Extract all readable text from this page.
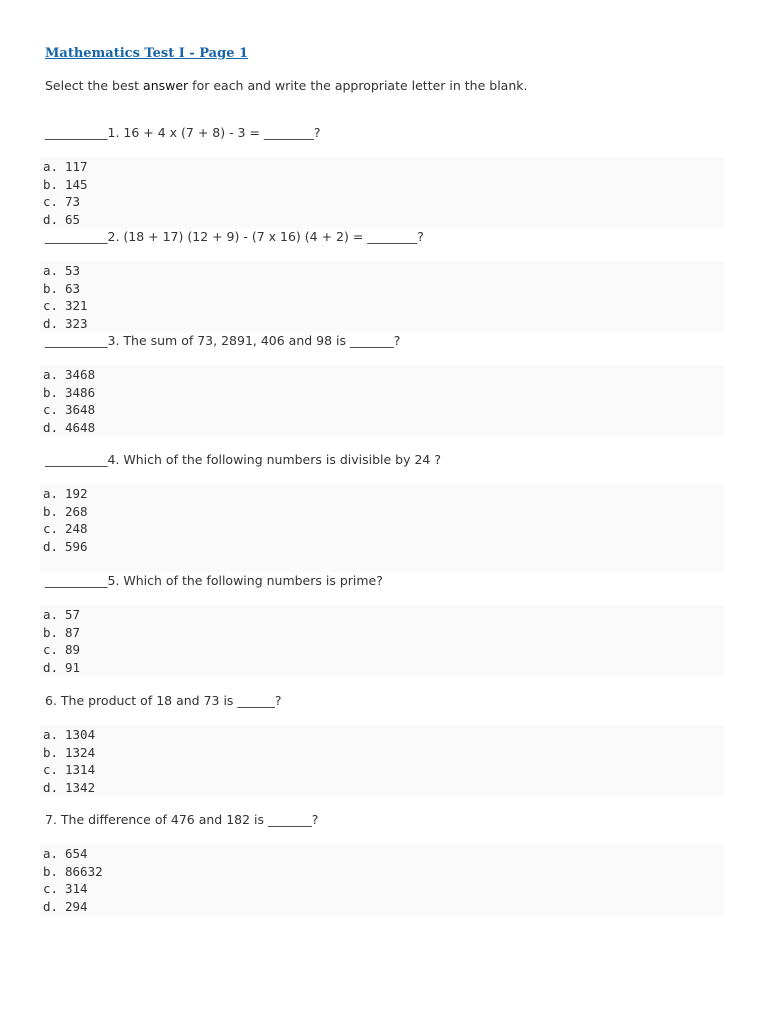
Mathematics Test I - Page 1
Select the best answer for each and write the appropriate letter in the blank.
__________1. 16 + 4 x (7 + 8) - 3 = ________?
a. 117
b. 145
c. 73
d. 65
__________2. (18 + 17) (12 + 9) - (7 x 16) (4 + 2) = ________?
a. 53
b. 63
c. 321
d. 323
__________3. The sum of 73, 2891, 406 and 98 is _______?
a. 3468
b. 3486
c. 3648
d. 4648
__________4. Which of the following numbers is divisible by 24 ?
a. 192
b. 268
c. 248
d. 596
__________5. Which of the following numbers is prime?
a. 57
b. 87
c. 89
d. 91
6. The product of 18 and 73 is ______?
a. 1304
b. 1324
c. 1314
d. 1342
7. The difference of 476 and 182 is _______?
a. 654
b. 86632
c. 314
d. 294
